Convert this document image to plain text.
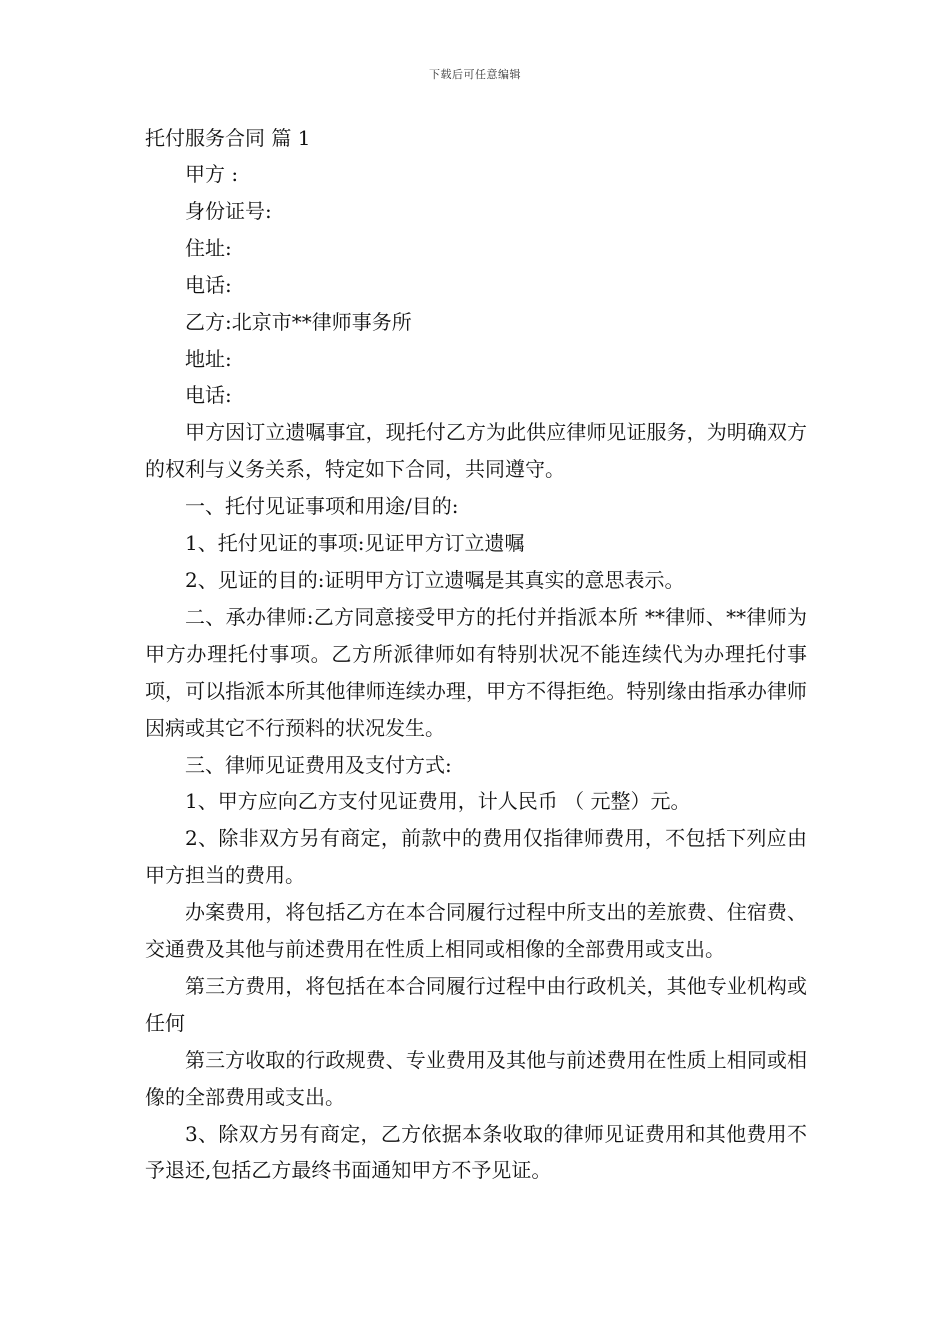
下载后可任意编辑
托付服务合同 篇 1

甲方 :

身份证号:

住址:

电话:

乙方:北京市**律师事务所

地址:

电话:

甲方因订立遗嘱事宜，现托付乙方为此供应律师见证服务，为明确双方的权利与义务关系，特定如下合同，共同遵守。

一、托付见证事项和用途/目的:

1、托付见证的事项:见证甲方订立遗嘱

2、见证的目的:证明甲方订立遗嘱是其真实的意思表示。

二、承办律师:乙方同意接受甲方的托付并指派本所 **律师、**律师为甲方办理托付事项。乙方所派律师如有特别状况不能连续代为办理托付事项，可以指派本所其他律师连续办理，甲方不得拒绝。特别缘由指承办律师因病或其它不行预料的状况发生。

三、律师见证费用及支付方式:

1、甲方应向乙方支付见证费用，计人民币 （ 元整）元。

2、除非双方另有商定，前款中的费用仅指律师费用，不包括下列应由甲方担当的费用。

办案费用，将包括乙方在本合同履行过程中所支出的差旅费、住宿费、交通费及其他与前述费用在性质上相同或相像的全部费用或支出。

第三方费用，将包括在本合同履行过程中由行政机关，其他专业机构或任何

第三方收取的行政规费、专业费用及其他与前述费用在性质上相同或相像的全部费用或支出。

3、除双方另有商定，乙方依据本条收取的律师见证费用和其他费用不予退还,包括乙方最终书面通知甲方不予见证。
